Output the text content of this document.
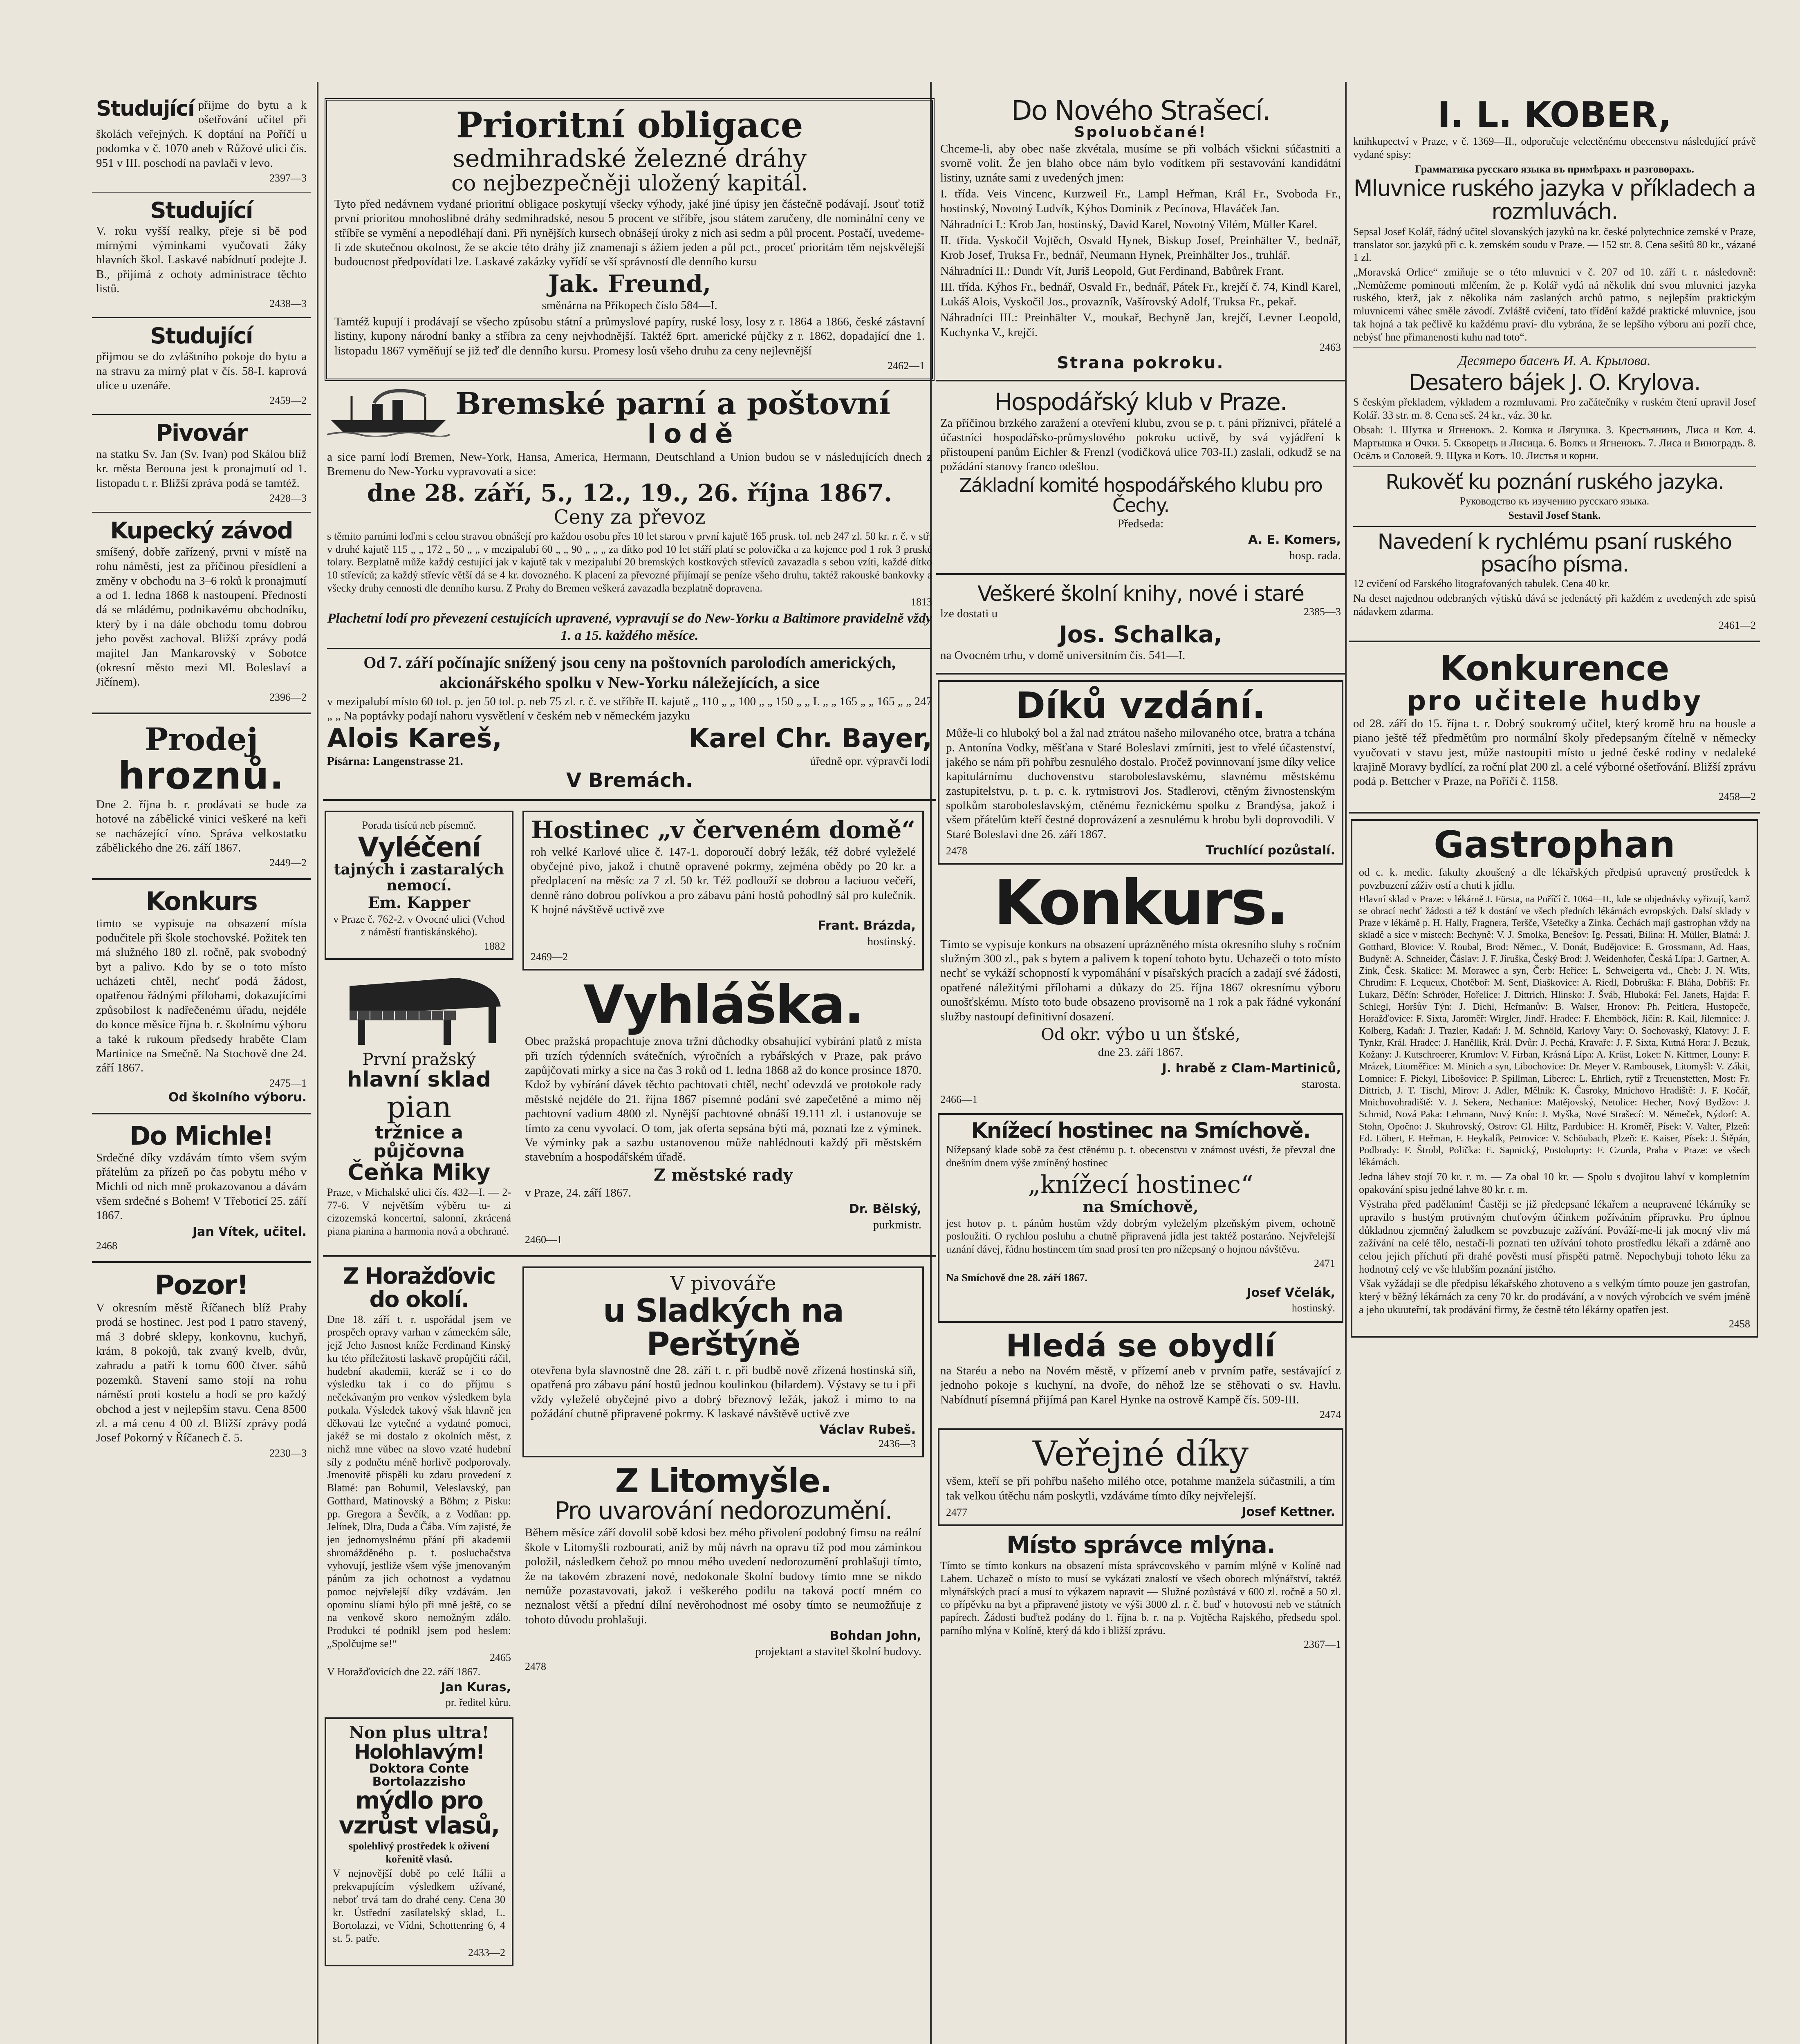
Studující přijme do bytu a k ošetřování učitel při školách veřejných. K doptání na Poříčí u podomka v č. 1070 aneb v Růžové ulici čís. 951 v III. poschodí na pavlači v levo.
2397—3
Studující
V. roku vyšší realky, přeje si bě pod mírnými výminkami vyučovati žáky hlavních škol. Laskavé nabídnutí podejte J. B., přijímá z ochoty administrace těchto listů.
2438—3
Studující
přijmou se do zvláštního pokoje do bytu a na stravu za mírný plat v čís. 58-I. kaprová ulice u uzenáře.
2459—2
Pivovár
na statku Sv. Jan (Sv. Ivan) pod Skálou blíž kr. města Berouna jest k pronajmutí od 1. listopadu t. r. Bližší zpráva podá se tamtéž.
2428—3
Kupecký závod
smíšený, dobře zařízený, prvni v místě na rohu náměstí, jest za příčinou přesídlení a změny v obchodu na 3–6 roků k pronajmutí a od 1. ledna 1868 k nastoupení. Předností dá se mládému, podnikavému obchodníku, který by i na dále obchodu tomu dobrou jeho pověst zachoval. Bližší zprávy podá majitel Jan Mankarovský v Sobotce (okresní město mezi Ml. Boleslaví a Jičínem).
2396—2
Prodej
hroznů.
Dne 2. října b. r. prodávati se bude za hotové na zábělické vinici veškeré na keři se nacházející víno. Správa velkostatku zábělického dne 26. září 1867.
2449—2
Konkurs
timto se vypisuje na obsazení místa podučitele při škole stochovské. Požitek ten má služného 180 zl. ročně, pak svobodný byt a palivo. Kdo by se o toto místo ucházeti chtěl, nechť podá žádost, opatřenou řádnými přílohami, dokazujícími způsobilost k nadřečenému úřadu, nejdéle do konce měsíce října b. r. školnímu výboru a také k rukoum předsedy hraběte Clam Martinice na Smečně. Na Stochově dne 24. září 1867.
2475—1
Od školního výboru.
Do Michle!
Srdečné díky vzdávám tímto všem svým přátelům za přízeň po čas pobytu mého v Michli od nich mně prokazovanou a dávám všem srdečné s Bohem! V Třeboticí 25. září 1867.
Jan Vítek, učitel.
2468
Pozor!
V okresním městě Říčanech blíž Prahy prodá se hostinec. Jest pod 1 patro stavený, má 3 dobré sklepy, konkovnu, kuchyň, krám, 8 pokojů, tak zvaný kvelb, dvůr, zahradu a patří k tomu 600 čtver. sáhů pozemků. Stavení samo stojí na rohu náměstí proti kostelu a hodí se pro každý obchod a jest v nejlepším stavu. Cena 8500 zl. a má cenu 4 00 zl. Bližší zprávy podá Josef Pokorný v Říčanech č. 5.
2230—3
Prioritní obligace
sedmihradské železné dráhy
co nejbezpečněji uložený kapitál.
Tyto před nedávnem vydané prioritní obligace poskytují všecky výhody, jaké jiné úpisy jen částečně podávají. Jsouť totiž první prioritou mnohoslibné dráhy sedmihradské, nesou 5 procent ve stříbře, jsou státem zaručeny, dle nominální ceny ve stříbře se vymění a nepodléhají dani. Při nynějších kursech obnášejí úroky z nich asi sedm a půl procent. Postačí, uvedeme-li zde skutečnou okolnost, že se akcie této dráhy již znamenají s ážiem jeden a půl pct., proceť prioritám těm nejskvělejší budoucnost předpovídati lze. Laskavé zakázky vyřídí se vší správností dle denního kursu
Jak. Freund,
směnárna na Příkopech číslo 584—I.
Tamtéž kupují i prodávají se všecho způsobu státní a průmyslové papíry, ruské losy, losy z r. 1864 a 1866, české zástavní listiny, kupony národní banky a stříbra za ceny nejvhodnější. Taktéž 6prt. americké půjčky z r. 1862, dopadající dne 1. listopadu 1867 vyměňují se již teď dle denního kursu. Promesy losů všeho druhu za ceny nejlevnější
2462—1
Bremské parní a poštovní
lodě
a sice parní lodí Bremen, New-York, Hansa, America, Hermann, Deutschland a Union budou se v následujících dnech z Bremenu do New-Yorku vypravovati a sice:
dne 28. září, 5., 12., 19., 26. října 1867.
Ceny za převoz
s těmito parními loďmi s celou stravou obnášejí pro každou osobu přes 10 let starou v první kajutě 165 prusk. tol. neb 247 zl. 50 kr. r. č. v stř. v druhé kajutě 115 „ „ 172 „ 50 „ „ v mezipalubí 60 „ „ 90 „ „ „ za dítko pod 10 let stáří platí se polovička a za kojence pod 1 rok 3 pruské tolary. Bezplatně může každý cestující jak v kajutě tak v mezipalubí 20 bremských kostkových střevíců zavazadla s sebou vzíti, každé dítko 10 střevíců; za každý střevíc větší dá se 4 kr. dovozného. K placení za převozné přijímají se peníze všeho druhu, taktéž rakouské bankovky a všecky druhy cennosti dle denního kursu. Z Prahy do Bremen veškerá zavazadla bezplatně dopravena.
1813
Plachetní lodí pro převezení cestujících upravené, vypravují se do New-Yorku a Baltimore pravidelně vždy 1. a 15. každého měsíce.
Od 7. září počínajíc snížený jsou ceny na poštovních parolodích amerických, akcionářského spolku v New-Yorku náležejících, a sice
v mezipalubí místo 60 tol. p. jen 50 tol. p. neb 75 zl. r. č. ve stříbře II. kajutě „ 110 „ „ 100 „ „ 150 „ „ I. „ „ 165 „ „ 165 „ „ 247 „ „ Na poptávky podají nahoru vysvětlení v českém neb v německém jazyku
Alois Kareš,	Karel Chr. Bayer,
Písárna: Langenstrasse 21.	úředně opr. výpravčí lodí.
V Bremách.
Porada tisíců neb písemně.
Vyléčení
tajných i zastaralých nemocí.
Em. Kapper
v Praze č. 762-2. v Ovocné ulici (Vchod z náměstí frantiskánského).
1882
První pražský
hlavní sklad
pian
tržnice a půjčovna
Čeňka Miky
Praze, v Michalské ulici čís. 432—I. — 2-77-6. V největším výběru tu- zi cizozemská koncertní, salonní, zkrácená piana pianina a harmonia nová a obchrané.
Hostinec „v červeném domě“
roh velké Karlové ulice č. 147-1. doporoučí dobrý ležák, též dobré vyleželé obyčejné pivo, jakož i chutně opravené pokrmy, zejména obědy po 20 kr. a předplacení na měsíc za 7 zl. 50 kr. Též podlouží se dobrou a laciuou večeří, denně ráno dobrou polívkou a pro zábavu pání hostů pohodlný sál pro kulečník. K hojné návštěvě uctivě zve
Frant. Brázda,
hostinský.
2469—2
Vyhláška.
Obec pražská propachtuje znova tržní důchodky obsahující vybírání platů z místa při trzích týdenních svátečních, výročních a rybářských v Praze, pak právo zapůjčovati mírky a sice na čas 3 roků od 1. ledna 1868 až do konce prosince 1870. Kdož by vybírání dávek těchto pachtovati chtěl, nechť odevzdá ve protokole rady městské nejdéle do 21. října 1867 písemné podání své zapečetěné a mimo něj pachtovní vadium 4800 zl. Nynější pachtovné obnáší 19.111 zl. i ustanovuje se tímto za cenu vyvolací. O tom, jak oferta sepsána býti má, poznati lze z výminek. Ve výminky pak a sazbu ustanovenou může nahlédnouti každý při městském stavebním a hospodářském úřadě.
Z městské rady
v Praze, 24. září 1867.
Dr. Bělský,
purkmistr.
2460—1
Z Horažďovic do okolí.
Dne 18. září t. r. uspořádal jsem ve prospěch opravy varhan v zámeckém sále, jejž Jeho Jasnost kníže Ferdinand Kinský ku této příležitosti laskavě propůjčiti ráčil, hudební akademii, kteráž se i co do výsledku tak i co do příjmu s nečekávaným pro venkov výsledkem byla potkala. Výsledek takový však hlavně jen děkovati lze vytečné a vydatné pomoci, jakéž se mi dostalo z okolních měst, z nichž mne vůbec na slovo vzaté hudební síly z podnětu méně horlivě podporovaly. Jmenovitě přispěli ku zdaru provedení z Blatné: pan Bohumil, Veleslavský, pan Gotthard, Matinovský a Böhm; z Pisku: pp. Gregora a Ševčík, a z Vodňan: pp. Jelínek, Dlra, Duda a Čába. Vím zajisté, že jen jednomyslnému přání při akademii shromážděného p. t. posluchačstva vyhovují, jestliže všem výše jmenovaným pánům za jich ochotnost a vydatnou pomoc nejvřelejší díky vzdávám. Jen opominu slíami býlo při mně ještě, co se na venkově skoro nemožným zdálo. Produkci té podnikl jsem pod heslem: „Spolčujme se!“
2465
V Horažďovicích dne 22. září 1867.
Jan Kuras,
pr. ředitel kůru.
Non plus ultra!
Holohlavým!
Doktora Conte Bortolazzisho
mýdlo pro vzrůst vlasů,
spolehlivý prostředek k oživení kořenitě vlasů.
V nejnovější době po celé Itálii a prekvapujícím výsledkem užívané, neboť trvá tam do drahé ceny. Cena 30 kr. Ústřední zasílatelský sklad, L. Bortolazzi, ve Vídni, Schottenring 6, 4 st. 5. patře.
2433—2
V pivováře
u Sladkých na Perštýně
otevřena byla slavnostně dne 28. září t. r. při budbě nově zřízená hostinská síň, opatřená pro zábavu pání hostů jednou koulinkou (bilardem). Výstavy se tu i při vždy vyleželé obyčejné pivo a dobrý březnový ležák, jakož i mimo to na požádání chutně připravené pokrmy. K laskavé návštěvě uctivě zve
Václav Rubeš.
2436—3
Z Litomyšle.
Pro uvarování nedorozumění.
Během měsíce září dovolil sobě kdosi bez mého přivolení podobný fimsu na reální škole v Litomyšli rozbourati, aniž by můj návrh na opravu tíž pod mou záminkou položil, následkem čehož po mnou mého uvedení nedorozumění prohlašuji tímto, že na takovém zbrazení nové, nedokonale školní budovy tímto mne se nikdo nemůže pozastavovati, jakož i veškerého podilu na taková poctí mném co neznalost větší a přední dílní nevěrohodnost mé osoby tímto se neumožňuje z tohoto důvodu prohlašuji.
Bohdan John,
projektant a stavitel školní budovy.
2478
Do Nového Strašecí.
Spoluobčané!
Chceme-li, aby obec naše zkvétala, musíme se při volbách všickni súčastniti a svorně volit. Že jen blaho obce nám bylo vodítkem při sestavování kandidátní listiny, uznáte sami z uvedených jmen:
I. třída. Veis Vincenc, Kurzweil Fr., Lampl Heřman, Král Fr., Svoboda Fr., hostinský, Novotný Ludvík, Kýhos Dominik z Pecínova, Hlaváček Jan.
Náhradníci I.: Krob Jan, hostinský, David Karel, Novotný Vilém, Müller Karel.
II. třída. Vyskočil Vojtěch, Osvald Hynek, Biskup Josef, Preinhälter V., bednář, Krob Josef, Truksa Fr., bednář, Neumann Hynek, Preinhälter Jos., truhlář.
Náhradníci II.: Dundr Vít, Juriš Leopold, Gut Ferdinand, Babůrek Frant.
III. třída. Kýhos Fr., bednář, Osvald Fr., bednář, Pátek Fr., krejčí č. 74, Kindl Karel, Lukáš Alois, Vyskočil Jos., provazník, Vašírovský Adolf, Truksa Fr., pekař.
Náhradníci III.: Preinhälter V., moukař, Bechyně Jan, krejčí, Levner Leopold, Kuchynka V., krejčí.
2463
Strana pokroku.
Hospodářský klub v Praze.
Za příčinou brzkého zaražení a otevření klubu, zvou se p. t. páni příznivci, přátelé a účastníci hospodářsko-průmyslového pokroku uctivě, by svá vyjádření k přistoupení panům Eichler & Frenzl (vodičková ulice 703-II.) zaslali, odkudž se na požádání stanovy franco odešlou.
Základní komité hospodářského klubu pro Čechy.
Předseda:
A. E. Komers,
hosp. rada.
Veškeré školní knihy, nové i staré
lze dostati u	2385—3
Jos. Schalka,
na Ovocném trhu, v domě universitním čís. 541—I.
Díků vzdání.
Může-li co hluboký bol a žal nad ztrátou našeho milovaného otce, bratra a tchána p. Antonína Vodky, měšťana v Staré Boleslavi zmírniti, jest to vřelé účastenství, jakého se nám při pohřbu zesnulého dostalo. Pročež povinnovaní jsme díky velice kapitulárnímu duchovenstvu staroboleslavskému, slavnému městskému zastupitelstvu, p. t. p. c. k. rytmistrovi Jos. Stadlerovi, ctěným živnostenským spolkům staroboleslavským, ctěnému řeznickému spolku z Brandýsa, jakož i všem přátelům kteří čestné doprovázení a zesnulému k hrobu byli doprovodili. V Staré Boleslavi dne 26. září 1867.
2478	Truchlící pozůstalí.
Konkurs.
Tímto se vypisuje konkurs na obsazení uprázněného místa okresního sluhy s ročním služným 300 zl., pak s bytem a palivem k topení tohoto bytu. Uchazeči o toto místo nechť se vykáží schopností k vypomáhání v písařských pracích a zadají své žádosti, opatřené náležitými přílohami a důkazy do 25. října 1867 okresnímu výboru ounošťskému. Místo toto bude obsazeno provisorně na 1 rok a pak řádné vykonání služby nastoupí definitivní dosazení.
Od okr. výbo u un šťské,
dne 23. září 1867.
J. hrabě z Clam-Martiniců,
starosta.
2466—1
Knížecí hostinec na Smíchově.
Nížepsaný klade sobě za čest ctěnému p. t. obecenstvu v známost uvésti, že převzal dne dnešním dnem výše zmíněný hostinec
„knížecí hostinec“
na Smíchově,
jest hotov p. t. pánům hostům vždy dobrým vyleželým plzeňským pivem, ochotně posloužiti. O rychlou posluhu a chutně připravená jídla jest taktéž postaráno. Nejvřelejší uznání dávej, řádnu hostincem tím snad prosí ten pro nížepsaný o hojnou návštěvu.
2471
Na Smíchově dne 28. září 1867.
Josef Včelák,
hostinský.
Hledá se obydlí
na Staréu a nebo na Novém městě, v přízemí aneb v prvním patře, sestávající z jednoho pokoje s kuchyní, na dvoře, do něhož lze se stěhovati o sv. Havlu. Nabídnutí písemná přijímá pan Karel Hynke na ostrově Kampě čís. 509-III.
2474
Veřejné díky
všem, kteří se při pohřbu našeho milého otce, potahme manžela súčastnili, a tím tak velkou útěchu nám poskytli, vzdáváme tímto díky nejvřelejší.
2477	Josef Kettner.
Místo správce mlýna.
Tímto se tímto konkurs na obsazení místa správcovského v parním mlýně v Kolíně nad Labem. Uchazeč o místo to musí se vykázati znalostí ve všech oborech mlýnářství, taktéž mlynářských prací a musí to výkazem napravit — Služné pozůstává v 600 zl. ročně a 50 zl. co přípěvku na byt a připravené jistoty ve výši 3000 zl. r. č. buď v hotovosti neb ve státních papírech. Žádosti buďtež podány do 1. října b. r. na p. Vojtěcha Rajského, předsedu spol. parního mlýna v Kolíně, který dá kdo i bližší zprávu.
2367—1
I. L. KOBER,
knihkupectví v Praze, v č. 1369—II., odporučuje velectěnému obecenstvu následující právě vydané spisy:
Грамматика русскаго языка въ примѣрахъ и разговорахъ.
Mluvnice ruského jazyka v příkladech a rozmluvách.
Sepsal Josef Kolář, řádný učitel slovanských jazyků na kr. české polytechnice zemské v Praze, translator sor. jazyků při c. k. zemském soudu v Praze. — 152 str. 8. Cena sešitů 80 kr., vázané 1 zl.
„Moravská Orlice“ zmiňuje se o této mluvnici v č. 207 od 10. září t. r. následovně: „Nemůžeme pominouti mlčením, že p. Kolář vydá ná několik dní svou mluvnici jazyka ruského, kterž, jak z několika nám zaslaných archů patrno, s nejlepším praktickým mluvnicemi váhec směle závodí. Zvláště cvičení, tato třídění každé praktické mluvnice, jsou tak hojná a tak pečlivě ku každému praví- dlu vybrána, že se lepšího výboru ani pozří chce, nebýsť hne přimanenosti kuhu nad toto“.
Десятеро басенъ И. А. Крылова.
Desatero bájek J. O. Krylova.
S českým překladem, výkladem a rozmluvami. Pro začátečníky v ruském čtení upravil Josef Kolář. 33 str. m. 8. Cena seš. 24 kr., váz. 30 kr.
Obsah: 1. Шутка и Ягненокъ. 2. Кошка и Лягушка. 3. Крестьянинъ, Лиса и Кот. 4. Мартышка и Очки. 5. Скворецъ и Лисица. 6. Волкъ и Ягненокъ. 7. Лиса и Виноградъ. 8. Осёлъ и Соловей. 9. Щука и Котъ. 10. Листья и корни.
Rukověť ku poznání ruského jazyka.
Руководство къ изучению русскаго языка.
Sestavil Josef Stank.
Navedení k rychlému psaní ruského psacího písma.
12 cvičení od Farského litografovaných tabulek. Cena 40 kr.
Na deset najednou odebraných výtisků dává se jedenáctý při každém z uvedených zde spisů nádavkem zdarma.
2461—2
Konkurence
pro učitele hudby
od 28. září do 15. října t. r. Dobrý soukromý učitel, který kromě hru na housle a piano ještě též předmětům pro normální školy předepsaným čítelně v německy vyučovati v stavu jest, může nastoupiti místo u jedné české rodiny v nedaleké krajině Moravy bydlící, za roční plat 200 zl. a celé výborné ošetřování. Bližší zprávu podá p. Bettcher v Praze, na Poříčí č. 1158.
2458—2
Gastrophan
od c. k. medic. fakulty zkoušený a dle lékařských předpisů upravený prostředek k povzbuzení záživ ostí a chuti k jídlu.
Hlavní sklad v Praze: v lékárně J. Fürsta, na Poříčí č. 1064—II., kde se objednávky vyřizují, kamž se obrací nechť žádosti a též k dostání ve všech předních lékárnách evropských. Dalsí sklady v Praze v lékárně p. H. Hally, Fragnera, Teršče, Všetečky a Zinka. Čechách mají gastrophan vždy na skladě a sice v místech: Bechyně: V. J. Smolka, Benešov: Ig. Pessati, Bílina: H. Müller, Blatná: J. Gotthard, Blovice: V. Roubal, Brod: Němec., V. Donát, Budějovice: E. Grossmann, Ad. Haas, Budyně: A. Schneider, Čáslav: J. F. Jíruška, Český Brod: J. Weidenhofer, Česká Lípa: J. Gartner, A. Zink, Česk. Skalice: M. Morawec a syn, Čerb: Heřice: L. Schweigerta vd., Cheb: J. N. Wits, Chrudim: F. Lequeux, Chotěboř: M. Senf, Diaškovice: A. Riedl, Dobruška: F. Bláha, Dobříš: Fr. Lukarz, Děčín: Schröder, Hořelice: J. Dittrich, Hlinsko: J. Šváb, Hluboká: Fel. Janets, Hajda: F. Schlegl, Horšův Týn: J. Diehl, Heřmanův: B. Walser, Hronov: Ph. Peitlera, Hustopeče, Horažďovice: F. Sixta, Jaroměř: Wirgler, Jindř. Hradec: F. Ehemböck, Jičín: R. Kail, Jilemnice: J. Kolberg, Kadaň: J. Trazler, Kadaň: J. M. Schnöld, Karlovy Vary: O. Sochovaský, Klatovy: J. F. Tynkr, Král. Hradec: J. Haněllik, Král. Dvůr: J. Pechá, Kravaře: J. F. Sixta, Kutná Hora: J. Bezuk, Kožany: J. Kutschroerer, Krumlov: V. Firban, Krásná Lípa: A. Krüst, Loket: N. Kittmer, Louny: F. Mrázek, Litoměřice: M. Minich a syn, Libochovice: Dr. Meyer V. Rambousek, Litomyšl: V. Zákit, Lomnice: F. Piekyl, Libošovice: P. Spillman, Liberec: L. Ehrlich, rytíř z Treuenstetten, Most: Fr. Dittrich, J. T. Tischl, Mirov: J. Adler, Mělník: K. Časroky, Mnichovo Hradiště: J. F. Kočář, Mnichovohradiště: V. J. Sekera, Nechanice: Matějovský, Netolice: Hecher, Nový Bydžov: J. Schmid, Nová Paka: Lehmann, Nový Knín: J. Myška, Nové Strašecí: M. Němeček, Nýdorf: A. Stohn, Opočno: J. Skuhrovský, Ostrov: Gl. Hiltz, Pardubice: H. Kroměř, Písek: V. Valter, Plzeň: Ed. Löbert, F. Heřman, F. Heykalík, Petrovice: V. Schöubach, Plzeň: E. Kaiser, Písek: J. Štěpán, Podbrady: F. Štrobl, Polička: E. Sapnický, Postoloprty: F. Czurda, Praha v Praze: ve všech lékárnách.
Jedna láhev stojí 70 kr. r. m. — Za obal 10 kr. — Spolu s dvojitou lahví v kompletním opakování spisu jedné lahve 80 kr. r. m.
Výstraha před padělaním! Častěji se již předepsané lékařem a neupravené lékárníky se upravilo s hustým protivným chuťovým účinkem požíváním přípravku. Pro úplnou důkladnou zjemněný žaludkem se povzbuzuje zažívání. Pováží-me-li jak mocný vliv má zažívání na celé tělo, nestačí-li poznati ten užívání tohoto prostředku lékaři a zdárně ano celou jejich příchutí při drahé pověsti musí přispěti patrně. Nepochybuji tohoto léku za hodnotný celý ve vše hlubším poznání jistého.
Však vyžádaji se dle předpisu lékařského zhotoveno a s velkým tímto pouze jen gastrofan, který v běžný lékárnách za ceny 70 kr. do prodávání, a v nových výrobcích ve svém jméně a jeho ukuuteřní, tak prodávání firmy, že čestně této lékárny opatřen jest.
2458
